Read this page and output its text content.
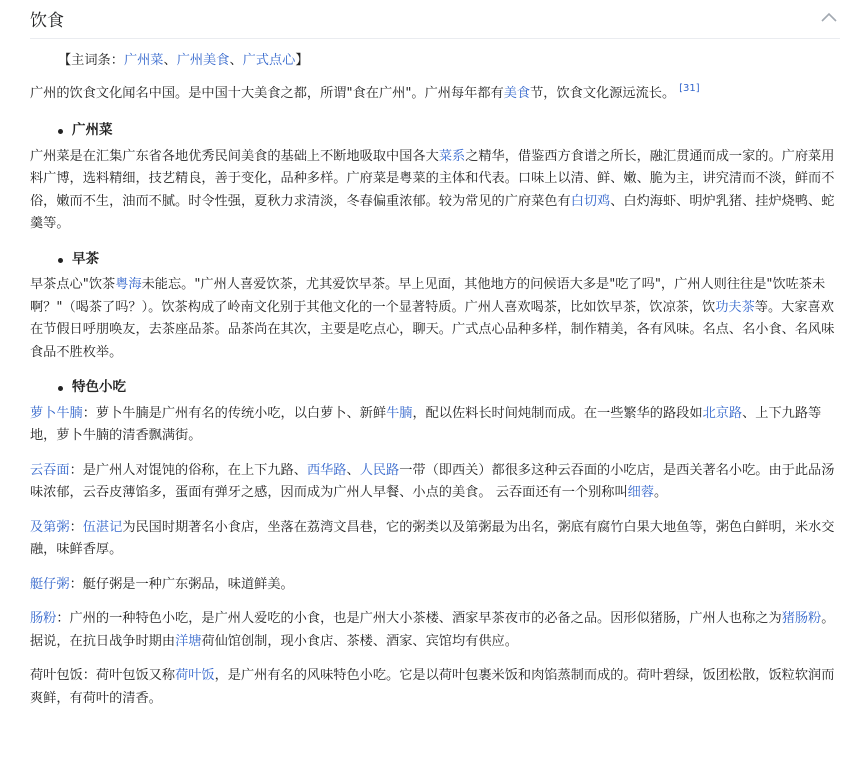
饮食

【主词条：广州菜、广州美食、广式点心】

广州的饮食文化闻名中国。是中国十大美食之都，所谓"食在广州"。广州每年都有美食节，饮食文化源远流长。 [31]

广州菜

广州菜是在汇集广东省各地优秀民间美食的基础上不断地吸取中国各大菜系之精华，借鉴西方食谱之所长，融汇贯通而成一家的。广府菜用料广博，选料精细，技艺精良，善于变化，品种多样。广府菜是粤菜的主体和代表。口味上以清、鲜、嫩、脆为主，讲究清而不淡，鲜而不俗，嫩而不生，油而不腻。时令性强，夏秋力求清淡，冬春偏重浓郁。较为常见的广府菜色有白切鸡、白灼海虾、明炉乳猪、挂炉烧鸭、蛇羹等。

早茶

早茶点心"饮茶粤海未能忘。"广州人喜爱饮茶，尤其爱饮早茶。早上见面，其他地方的问候语大多是"吃了吗"，广州人则往往是"饮咗茶未啊？"（喝茶了吗？）。饮茶构成了岭南文化别于其他文化的一个显著特质。广州人喜欢喝茶，比如饮早茶，饮凉茶，饮功夫茶等。大家喜欢在节假日呼朋唤友，去茶座品茶。品茶尚在其次，主要是吃点心，聊天。广式点心品种多样，制作精美，各有风味。名点、名小食、名风味食品不胜枚举。

特色小吃

萝卜牛腩：萝卜牛腩是广州有名的传统小吃，以白萝卜、新鲜牛腩，配以佐料长时间炖制而成。在一些繁华的路段如北京路、上下九路等地，萝卜牛腩的清香飘满街。

云吞面：是广州人对馄饨的俗称，在上下九路、西华路、人民路一带（即西关）都很多这种云吞面的小吃店，是西关著名小吃。由于此品汤味浓郁，云吞皮薄馅多，蛋面有弹牙之感，因而成为广州人早餐、小点的美食。 云吞面还有一个别称叫细蓉。

及第粥：伍湛记为民国时期著名小食店，坐落在荔湾文昌巷，它的粥类以及第粥最为出名，粥底有腐竹白果大地鱼等，粥色白鲜明，米水交融，味鲜香厚。

艇仔粥：艇仔粥是一种广东粥品，味道鲜美。

肠粉：广州的一种特色小吃，是广州人爱吃的小食，也是广州大小茶楼、酒家早茶夜市的必备之品。因形似猪肠，广州人也称之为猪肠粉。据说，在抗日战争时期由洋塘荷仙馆创制，现小食店、茶楼、酒家、宾馆均有供应。

荷叶包饭：荷叶包饭又称荷叶饭，是广州有名的风味特色小吃。它是以荷叶包裹米饭和肉馅蒸制而成的。荷叶碧绿，饭团松散，饭粒软润而爽鲜，有荷叶的清香。
